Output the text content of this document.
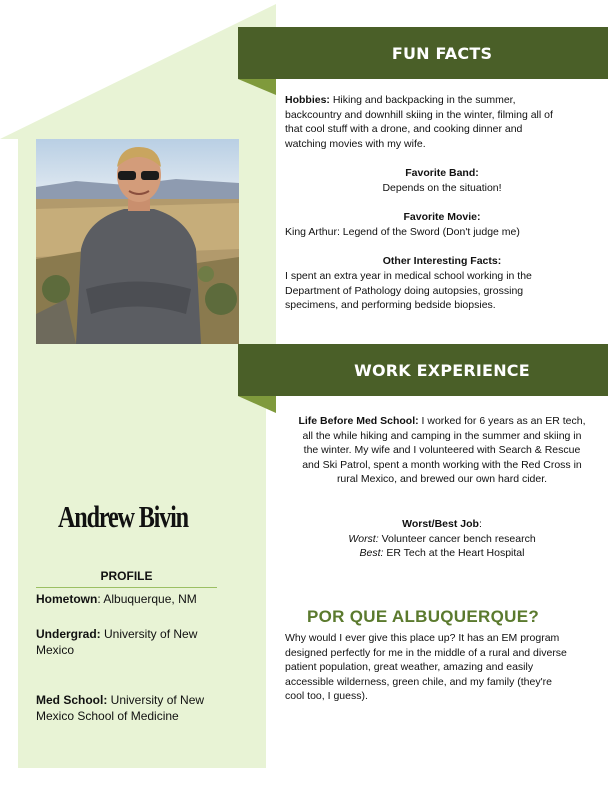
FUN FACTS
Hobbies: Hiking and backpacking in the summer,
backcountry and downhill skiing in the winter, filming all of
that cool stuff with a drone, and cooking dinner and
watching movies with my wife.
Favorite Band:
Depends on the situation!
Favorite Movie:
King Arthur: Legend of the Sword (Don't judge me)
Other Interesting Facts:
I spent an extra year in medical school working in the
Department of Pathology doing autopsies, grossing
specimens, and performing bedside biopsies.
WORK EXPERIENCE
Life Before Med School: I worked for 6 years as an ER tech,
all the while hiking and camping in the summer and skiing in
the winter. My wife and I volunteered with Search & Rescue
and Ski Patrol, spent a month working with the Red Cross in
rural Mexico, and brewed our own hard cider.
Worst/Best Job:
Worst: Volunteer cancer bench research
Best: ER Tech at the Heart Hospital
POR QUE ALBUQUERQUE?
Why would I ever give this place up? It has an EM program
designed perfectly for me in the middle of a rural and diverse
patient population, great weather, amazing and easily
accessible wilderness, green chile, and my family (they're
cool too, I guess).
Andrew Bivin
PROFILE
Hometown: Albuquerque, NM
Undergrad: University of New
Mexico
Med School: University of New
Mexico School of Medicine
